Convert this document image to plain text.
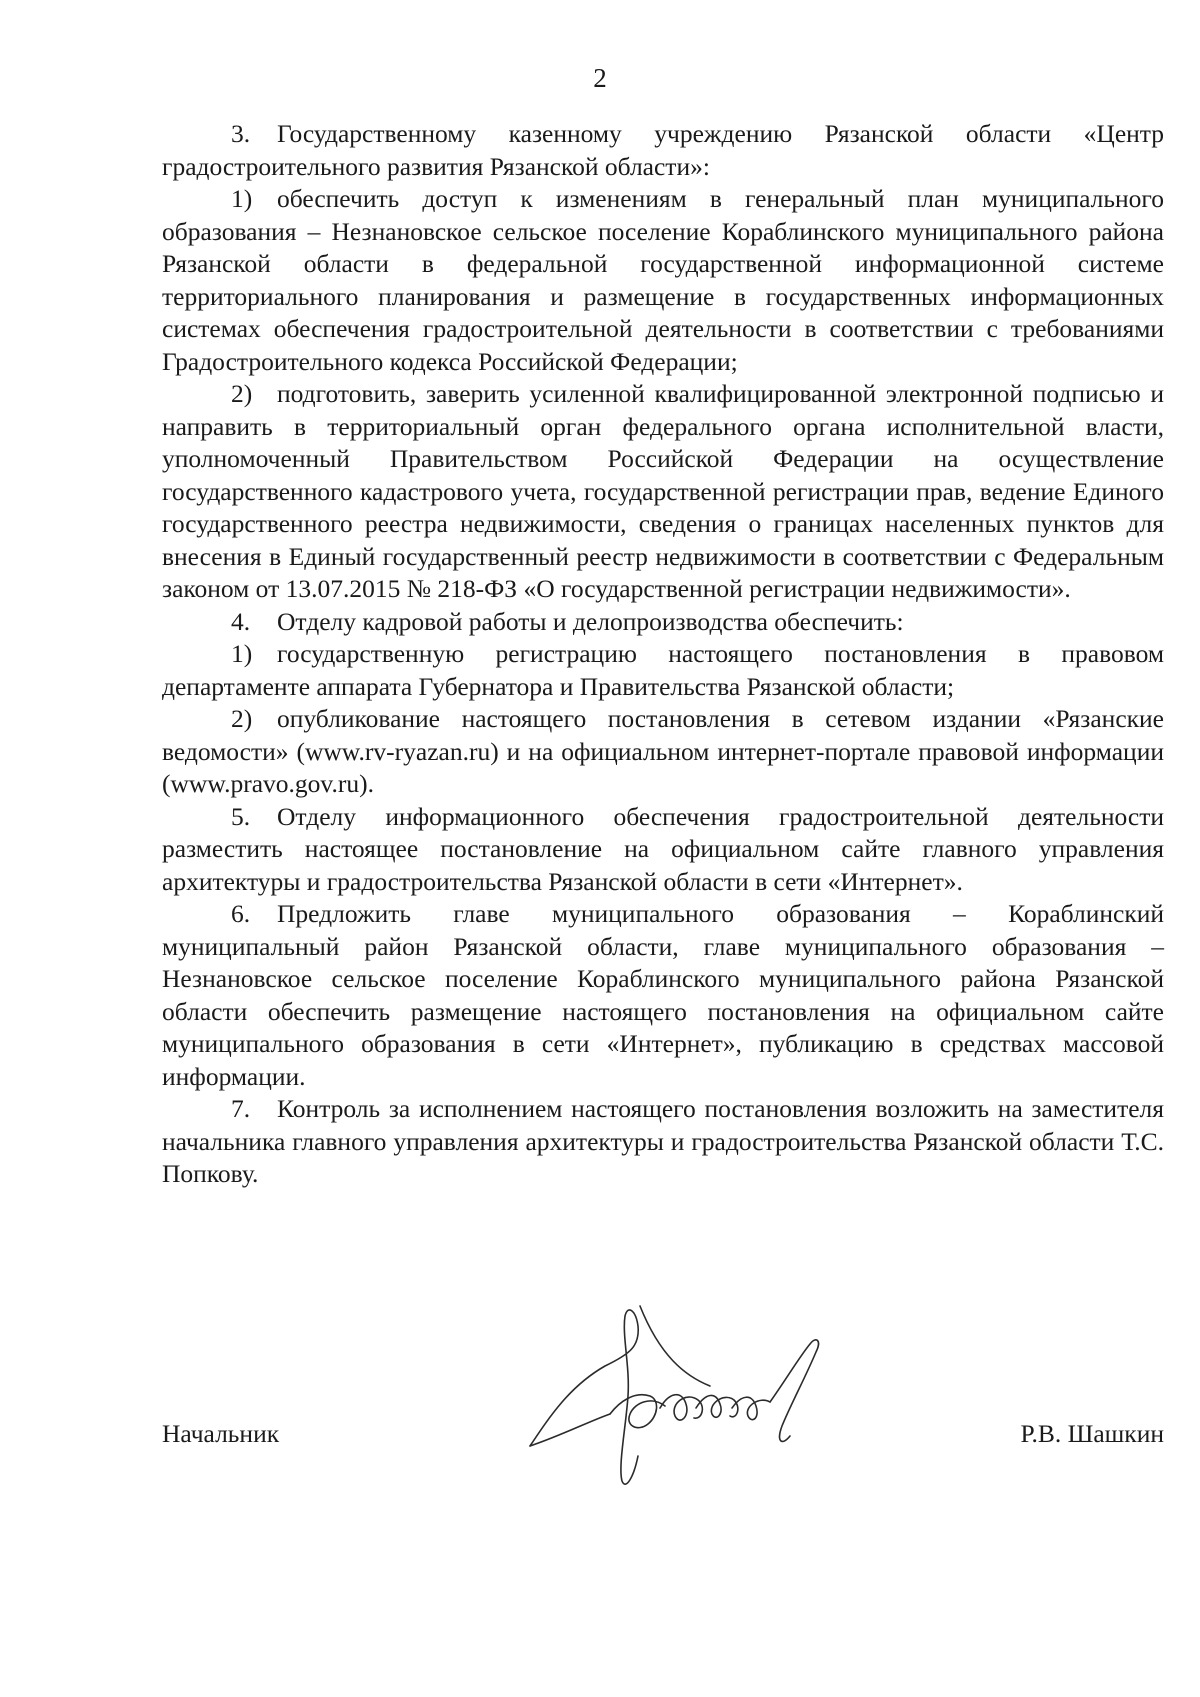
2

3. Государственному казенному учреждению Рязанской области «Центр градостроительного развития Рязанской области»:

1) обеспечить доступ к изменениям в генеральный план муниципального образования – Незнановское сельское поселение Кораблинского муниципального района Рязанской области в федеральной государственной информационной системе территориального планирования и размещение в государственных информационных системах обеспечения градостроительной деятельности в соответствии с требованиями Градостроительного кодекса Российской Федерации;

2) подготовить, заверить усиленной квалифицированной электронной подписью и направить в территориальный орган федерального органа исполнительной власти, уполномоченный Правительством Российской Федерации на осуществление государственного кадастрового учета, государственной регистрации прав, ведение Единого государственного реестра недвижимости, сведения о границах населенных пунктов для внесения в Единый государственный реестр недвижимости в соответствии с Федеральным законом от 13.07.2015 № 218-ФЗ «О государственной регистрации недвижимости».

4. Отделу кадровой работы и делопроизводства обеспечить:

1) государственную регистрацию настоящего постановления в правовом департаменте аппарата Губернатора и Правительства Рязанской области;

2) опубликование настоящего постановления в сетевом издании «Рязанские ведомости» (www.rv-ryazan.ru) и на официальном интернет-портале правовой информации (www.pravo.gov.ru).

5. Отделу информационного обеспечения градостроительной деятельности разместить настоящее постановление на официальном сайте главного управления архитектуры и градостроительства Рязанской области в сети «Интернет».

6. Предложить главе муниципального образования – Кораблинский муниципальный район Рязанской области, главе муниципального образования – Незнановское сельское поселение Кораблинского муниципального района Рязанской области обеспечить размещение настоящего постановления на официальном сайте муниципального образования в сети «Интернет», публикацию в средствах массовой информации.

7. Контроль за исполнением настоящего постановления возложить на заместителя начальника главного управления архитектуры и градостроительства Рязанской области Т.С. Попкову.

Начальник	Р.В. Шашкин
